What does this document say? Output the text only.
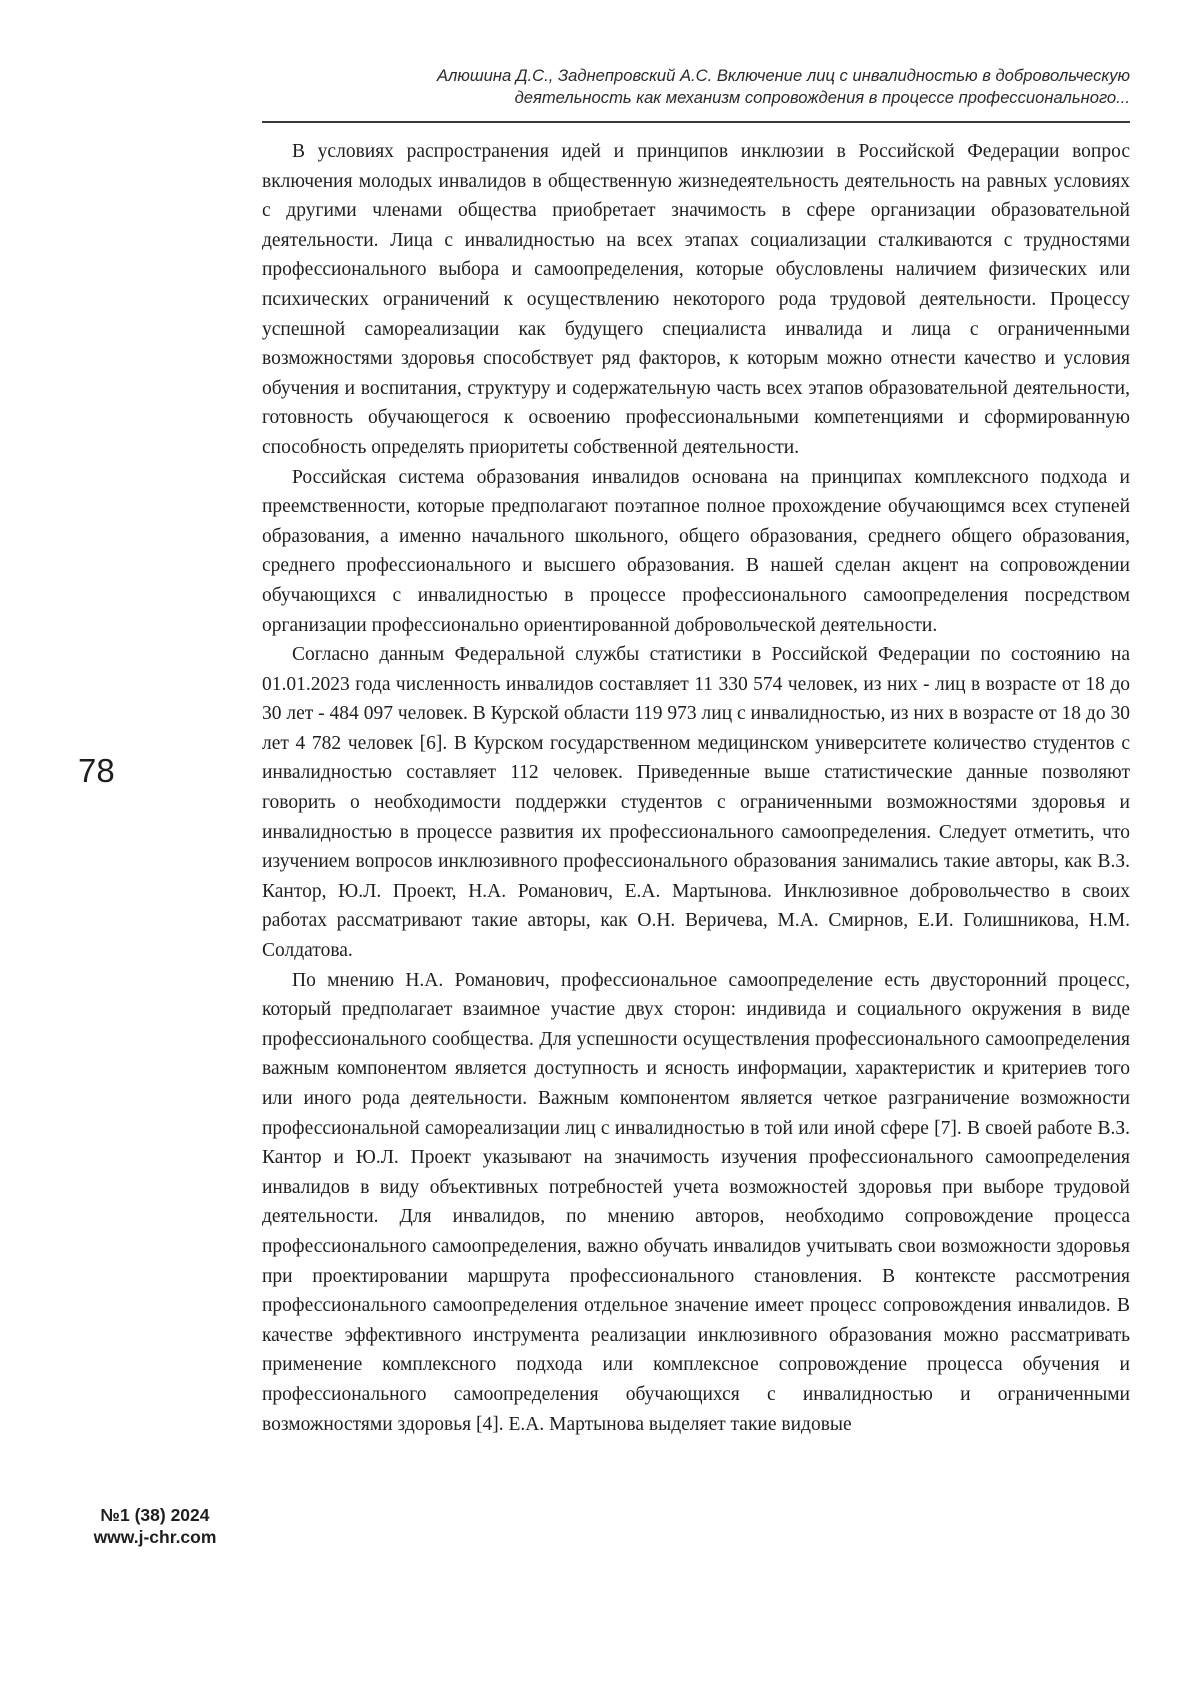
Алюшина Д.С., Заднепровский А.С. Включение лиц с инвалидностью в добровольческую
деятельность как механизм сопровождения в процессе профессионального...
78
№1 (38) 2024
www.j-chr.com

В условиях распространения идей и принципов инклюзии в Российской Федерации вопрос включения молодых инвалидов в общественную жизнедеятельность деятельность на равных условиях с другими членами общества приобретает значимость в сфере организации образовательной деятельности. Лица с инвалидностью на всех этапах социализации сталкиваются с трудностями профессионального выбора и самоопределения, которые обусловлены наличием физических или психических ограничений к осуществлению некоторого рода трудовой деятельности. Процессу успешной самореализации как будущего специалиста инвалида и лица с ограниченными возможностями здоровья способствует ряд факторов, к которым можно отнести качество и условия обучения и воспитания, структуру и содержательную часть всех этапов образовательной деятельности, готовность обучающегося к освоению профессиональными компетенциями и сформированную способность определять приоритеты собственной деятельности.

Российская система образования инвалидов основана на принципах комплексного подхода и преемственности, которые предполагают поэтапное полное прохождение обучающимся всех ступеней образования, а именно начального школьного, общего образования, среднего общего образования, среднего профессионального и высшего образования. В нашей сделан акцент на сопровождении обучающихся с инвалидностью в процессе профессионального самоопределения посредством организации профессионально ориентированной добровольческой деятельности.

Согласно данным Федеральной службы статистики в Российской Федерации по состоянию на 01.01.2023 года численность инвалидов составляет 11 330 574 человек, из них - лиц в возрасте от 18 до 30 лет - 484 097 человек. В Курской области 119 973 лиц с инвалидностью, из них в возрасте от 18 до 30 лет 4 782 человек [6]. В Курском государственном медицинском университете количество студентов с инвалидностью составляет 112 человек. Приведенные выше статистические данные позволяют говорить о необходимости поддержки студентов с ограниченными возможностями здоровья и инвалидностью в процессе развития их профессионального самоопределения. Следует отметить, что изучением вопросов инклюзивного профессионального образования занимались такие авторы, как В.З. Кантор, Ю.Л. Проект, Н.А. Романович, Е.А. Мартынова. Инклюзивное добровольчество в своих работах рассматривают такие авторы, как О.Н. Веричева, М.А. Смирнов, Е.И. Голишникова, Н.М. Солдатова.

По мнению Н.А. Романович, профессиональное самоопределение есть двусторонний процесс, который предполагает взаимное участие двух сторон: индивида и социального окружения в виде профессионального сообщества. Для успешности осуществления профессионального самоопределения важным компонентом является доступность и ясность информации, характеристик и критериев того или иного рода деятельности. Важным компонентом является четкое разграничение возможности профессиональной самореализации лиц с инвалидностью в той или иной сфере [7]. В своей работе В.З. Кантор и Ю.Л. Проект указывают на значимость изучения профессионального самоопределения инвалидов в виду объективных потребностей учета возможностей здоровья при выборе трудовой деятельности. Для инвалидов, по мнению авторов, необходимо сопровождение процесса профессионального самоопределения, важно обучать инвалидов учитывать свои возможности здоровья при проектировании маршрута профессионального становления. В контексте рассмотрения профессионального самоопределения отдельное значение имеет процесс сопровождения инвалидов. В качестве эффективного инструмента реализации инклюзивного образования можно рассматривать применение комплексного подхода или комплексное сопровождение процесса обучения и профессионального самоопределения обучающихся с инвалидностью и ограниченными возможностями здоровья [4]. Е.А. Мартынова выделяет такие видовые
